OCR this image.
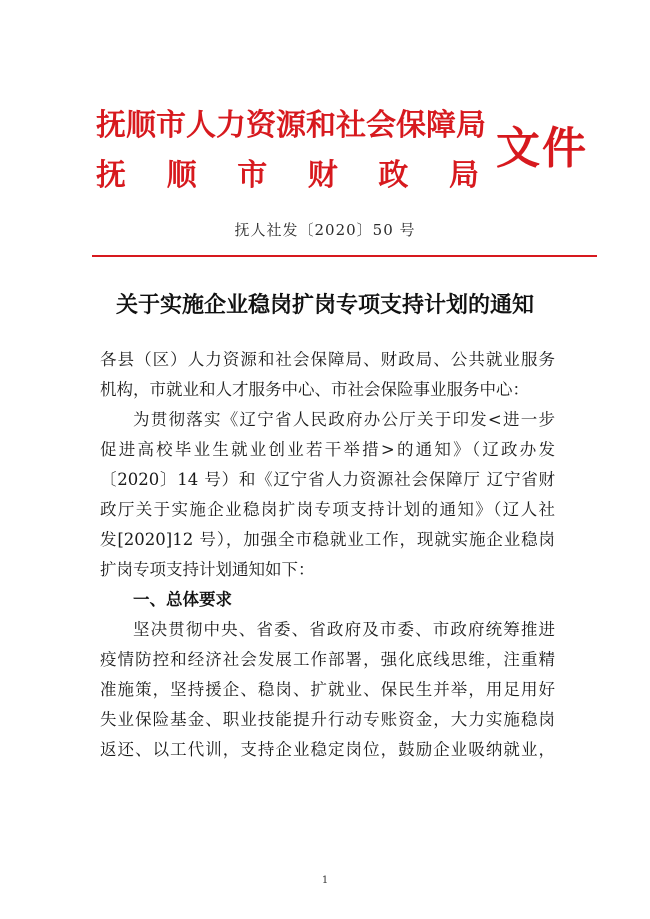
抚顺市人力资源和社会保障局
抚 顺 市 财 政 局
文件
抚人社发〔2020〕50 号
关于实施企业稳岗扩岗专项支持计划的通知
各县（区）人力资源和社会保障局、财政局、公共就业服务
机构，市就业和人才服务中心、市社会保险事业服务中心：
为贯彻落实《辽宁省人民政府办公厅关于印发<进一步
促进高校毕业生就业创业若干举措>的通知》（辽政办发
〔2020〕14 号）和《辽宁省人力资源社会保障厅 辽宁省财
政厅关于实施企业稳岗扩岗专项支持计划的通知》（辽人社
发[2020]12 号），加强全市稳就业工作，现就实施企业稳岗
扩岗专项支持计划通知如下：
一、总体要求
坚决贯彻中央、省委、省政府及市委、市政府统筹推进
疫情防控和经济社会发展工作部署，强化底线思维，注重精
准施策，坚持援企、稳岗、扩就业、保民生并举，用足用好
失业保险基金、职业技能提升行动专账资金，大力实施稳岗
返还、以工代训，支持企业稳定岗位，鼓励企业吸纳就业，
1
